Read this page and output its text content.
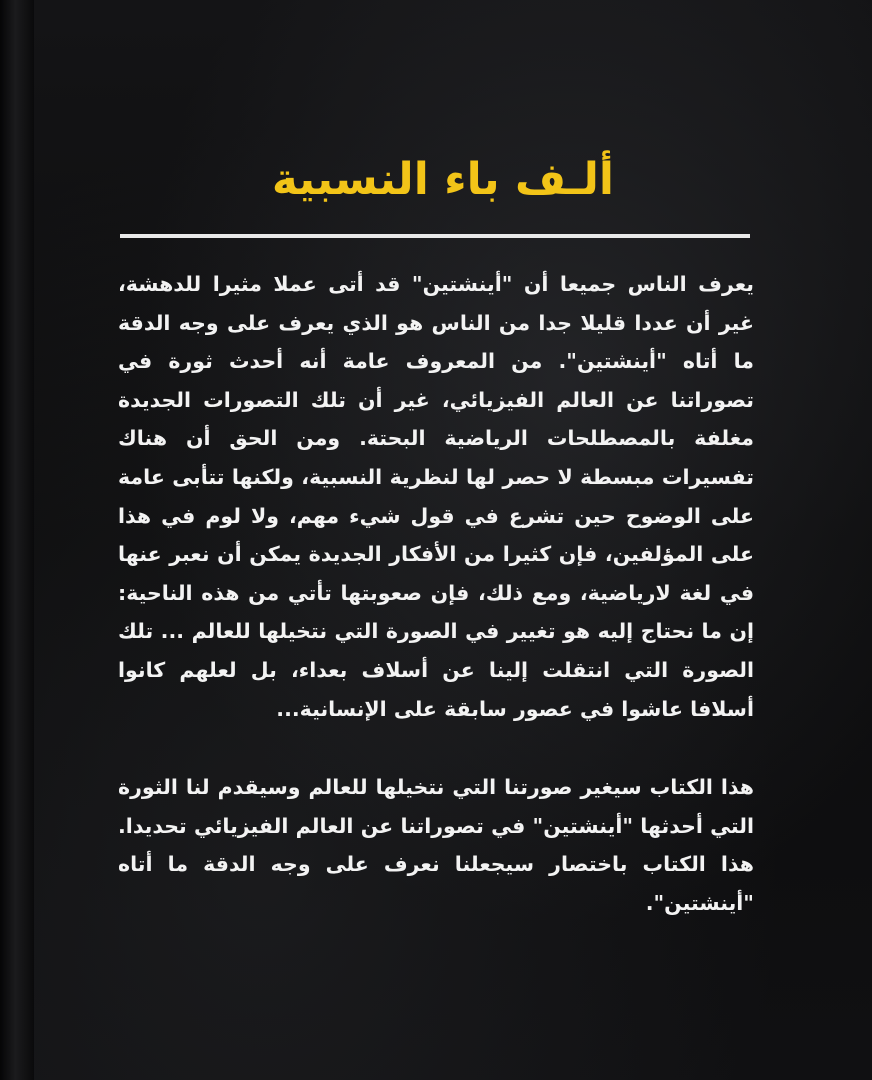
ألـف باء النسبية

يعرف الناس جميعا أن "أينشتين" قد أتى عملا مثيرا للدهشة، غير أن عددا قليلا جدا من الناس هو الذي يعرف على وجه الدقة ما أتاه "أينشتين". من المعروف عامة أنه أحدث ثورة في تصوراتنا عن العالم الفيزيائي، غير أن تلك التصورات الجديدة مغلفة بالمصطلحات الرياضية البحتة. ومن الحق أن هناك تفسيرات مبسطة لا حصر لها لنظرية النسبية، ولكنها تتأبى عامة على الوضوح حين تشرع في قول شيء مهم، ولا لوم في هذا على المؤلفين، فإن كثيرا من الأفكار الجديدة يمكن أن نعبر عنها في لغة لارياضية، ومع ذلك، فإن صعوبتها تأتي من هذه الناحية: إن ما نحتاج إليه هو تغيير في الصورة التي نتخيلها للعالم ... تلك الصورة التي انتقلت إلينا عن أسلاف بعداء، بل لعلهم كانوا أسلافا عاشوا في عصور سابقة على الإنسانية...

هذا الكتاب سيغير صورتنا التي نتخيلها للعالم وسيقدم لنا الثورة التي أحدثها "أينشتين" في تصوراتنا عن العالم الفيزيائي تحديدا. هذا الكتاب باختصار سيجعلنا نعرف على وجه الدقة ما أتاه "أينشتين".
